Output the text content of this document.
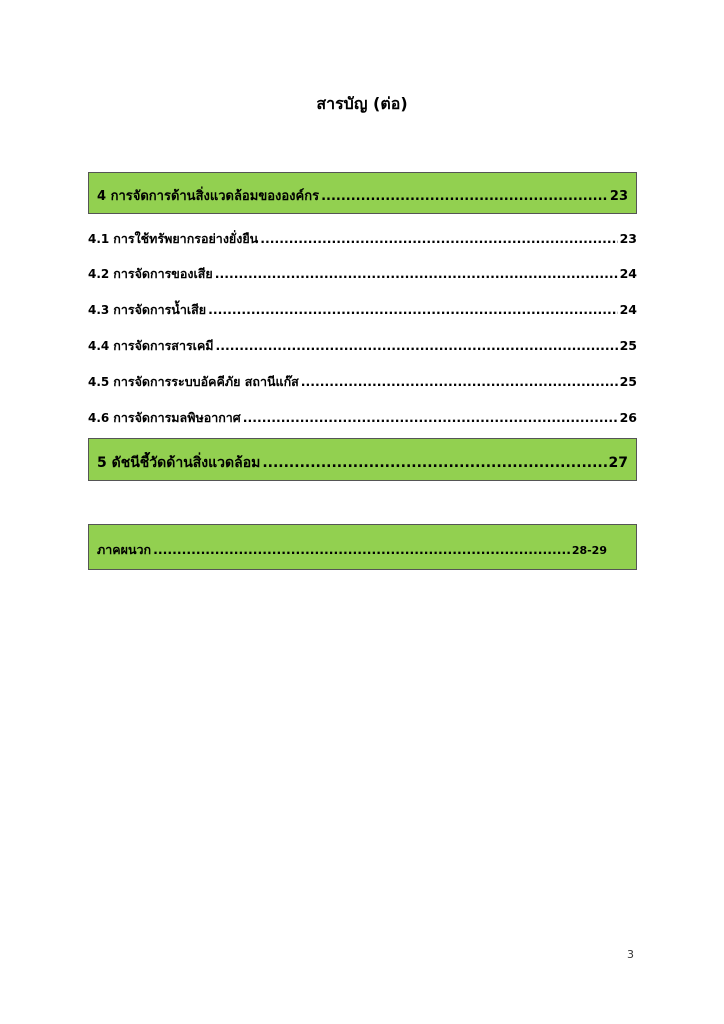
สารบัญ (ต่อ)
4 การจัดการด้านสิ่งแวดล้อมขององค์กร .....	23
4.1 การใช้ทรัพยากรอย่างยั่งยืน .....	23
4.2 การจัดการของเสีย .....	24
4.3 การจัดการน้ำเสีย .....	24
4.4 การจัดการสารเคมี .....	25
4.5 การจัดการระบบอัคคีภัย สถานีแก๊ส .....	25
4.6 การจัดการมลพิษอากาศ .....	26
5 ดัชนีชี้วัดด้านสิ่งแวดล้อม .....	27
ภาคผนวก .....	28-29
3
